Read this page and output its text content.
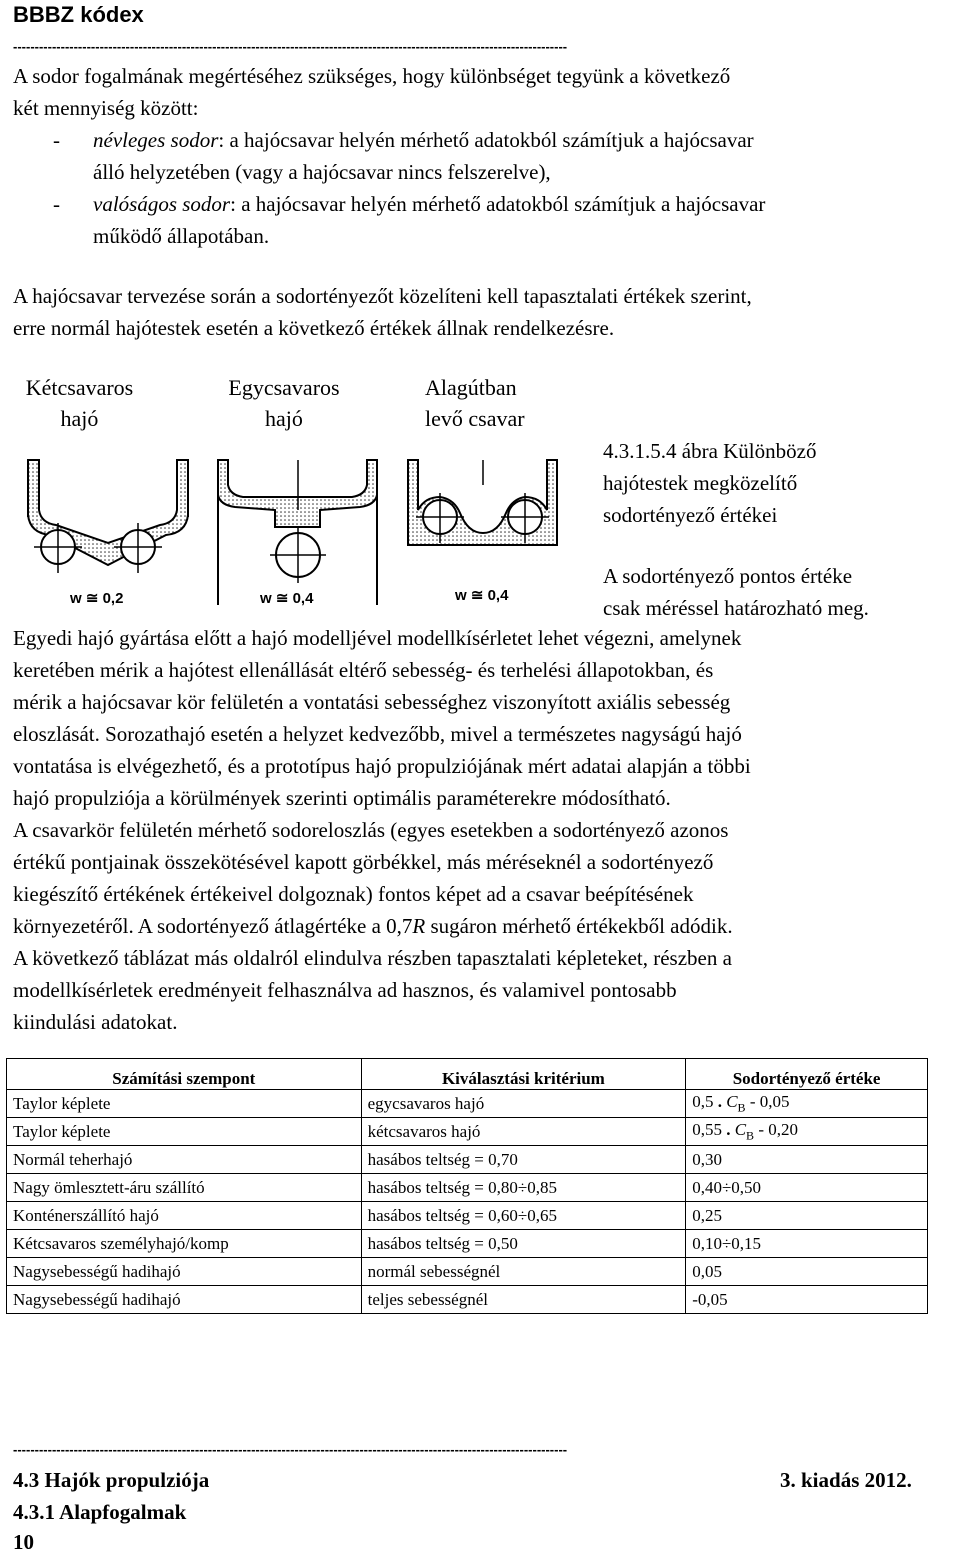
BBBZ kódex
--------------------------------------------------------------------------------------------------------------------------------
A sodor fogalmának megértéséhez szükséges, hogy különbséget tegyünk a következő
két mennyiség között:
- névleges sodor: a hajócsavar helyén mérhető adatokból számítjuk a hajócsavar
álló helyzetében (vagy a hajócsavar nincs felszerelve),
- valóságos sodor: a hajócsavar helyén mérhető adatokból számítjuk a hajócsavar
működő állapotában.
A hajócsavar tervezése során a sodortényezőt közelíteni kell tapasztalati értékek szerint,
erre normál hajótestek esetén a következő értékek állnak rendelkezésre.
Kétcsavaros
hajó
Egycsavaros
hajó
Alagútban
levő csavar
w ≅ 0,2	w ≅ 0,4	w ≅ 0,4
4.3.1.5.4 ábra Különböző
hajótestek megközelítő
sodortényező értékei
A sodortényező pontos értéke
csak méréssel határozható meg.
Egyedi hajó gyártása előtt a hajó modelljével modellkísérletet lehet végezni, amelynek
keretében mérik a hajótest ellenállását eltérő sebesség- és terhelési állapotokban, és
mérik a hajócsavar kör felületén a vontatási sebességhez viszonyított axiális sebesség
eloszlását. Sorozathajó esetén a helyzet kedvezőbb, mivel a természetes nagyságú hajó
vontatása is elvégezhető, és a prototípus hajó propulziójának mért adatai alapján a többi
hajó propulziója a körülmények szerinti optimális paraméterekre módosítható.
A csavarkör felületén mérhető sodoreloszlás (egyes esetekben a sodortényező azonos
értékű pontjainak összekötésével kapott görbékkel, más méréseknél a sodortényező
kiegészítő értékének értékeivel dolgoznak) fontos képet ad a csavar beépítésének
környezetéről. A sodortényező átlagértéke a 0,7R sugáron mérhető értékekből adódik.
A következő táblázat más oldalról elindulva részben tapasztalati képleteket, részben a
modellkísérletek eredményeit felhasználva ad hasznos, és valamivel pontosabb
kiindulási adatokat.
Számítási szempont	Kiválasztási kritérium	Sodortényező értéke
Taylor képlete	egycsavaros hajó	0,5 . $C_B - 0,05$
Taylor képlete	kétcsavaros hajó	0,55 . $C_B - 0,20$
Normál teherhajó	hasábos teltség = 0,70	0,30
Nagy ömlesztett-áru szállító	hasábos teltség = 0,80÷0,85	0,40÷0,50
Konténerszállító hajó	hasábos teltség = 0,60÷0,65	0,25
Kétcsavaros személyhajó/komp	hasábos teltség = 0,50	0,10÷0,15
Nagysebességű hadihajó	normál sebességnél	0,05
Nagysebességű hadihajó	teljes sebességnél	-0,05
--------------------------------------------------------------------------------------------------------------------------------
4.3 Hajók propulziója	3. kiadás 2012.
4.3.1 Alapfogalmak
10
